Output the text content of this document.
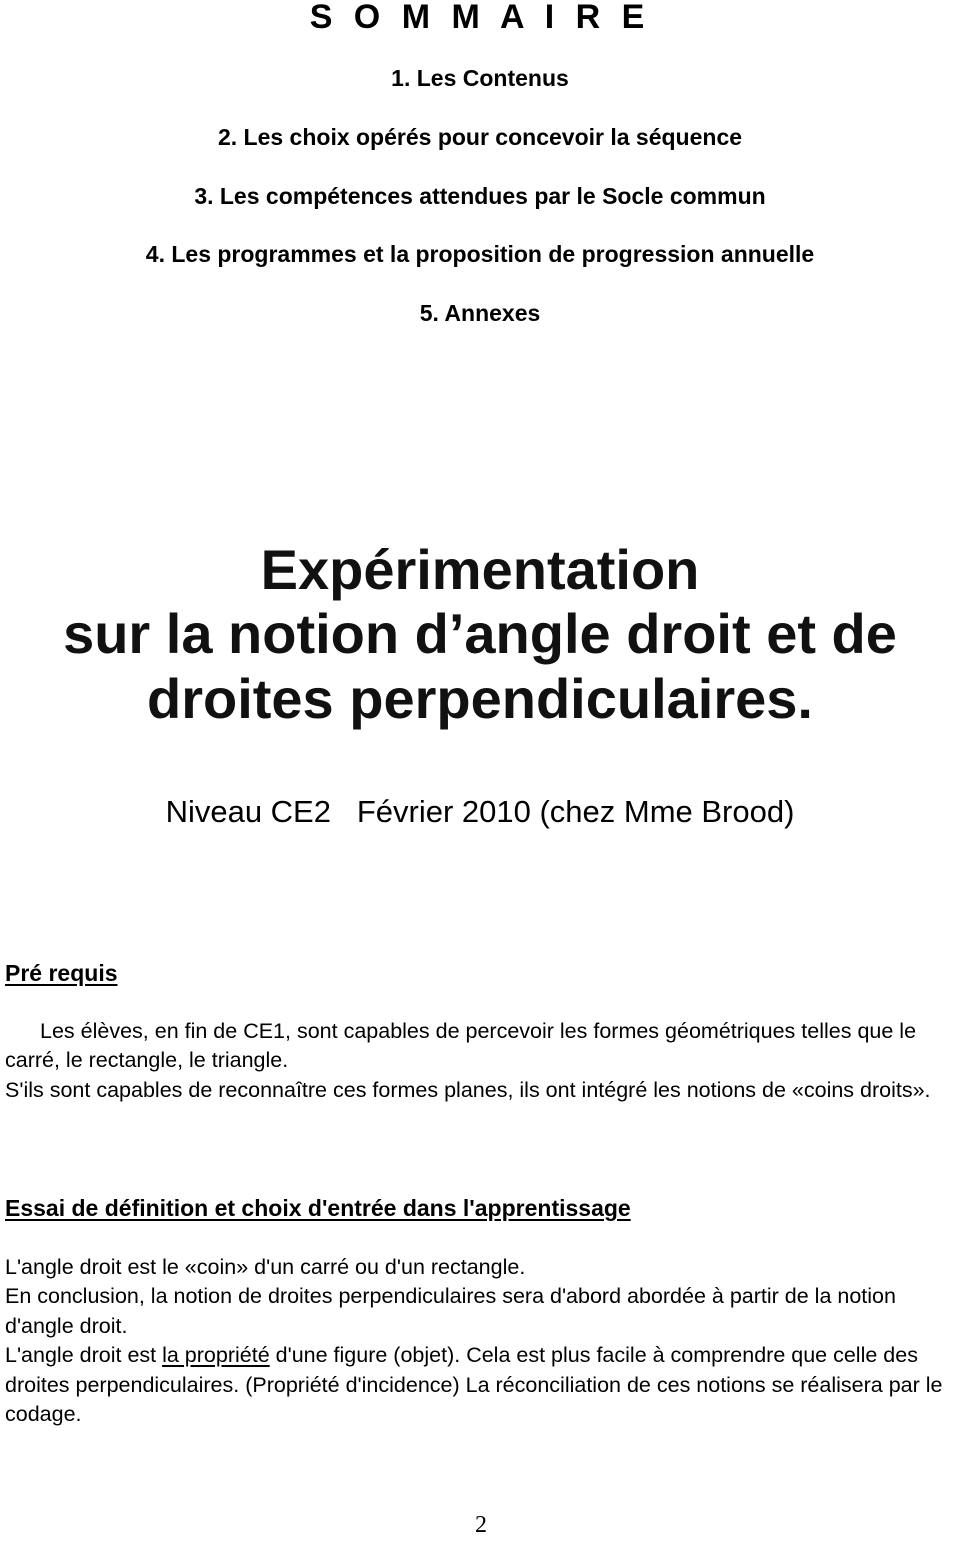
S O M M A I R E
1. Les Contenus
2. Les choix opérés pour concevoir la séquence
3. Les compétences attendues par le Socle commun
4. Les programmes et la proposition de progression annuelle
5. Annexes
Expérimentation
sur la notion d’angle droit et de
droites perpendiculaires.
Niveau CE2   Février 2010 (chez Mme Brood)
Pré requis

Les élèves, en fin de CE1, sont capables de percevoir les formes géométriques telles que le carré, le rectangle, le triangle.

S'ils sont capables de reconnaître ces formes planes, ils ont intégré les notions de «coins droits».

Essai de définition et choix d'entrée dans l'apprentissage

L'angle droit est le «coin» d'un carré ou d'un rectangle.

En conclusion, la notion de droites perpendiculaires sera d'abord abordée à partir de la notion d'angle droit.

L'angle droit est la propriété d'une figure (objet). Cela est plus facile à comprendre que celle des droites perpendiculaires. (Propriété d'incidence) La réconciliation de ces notions se réalisera par le codage.

2
